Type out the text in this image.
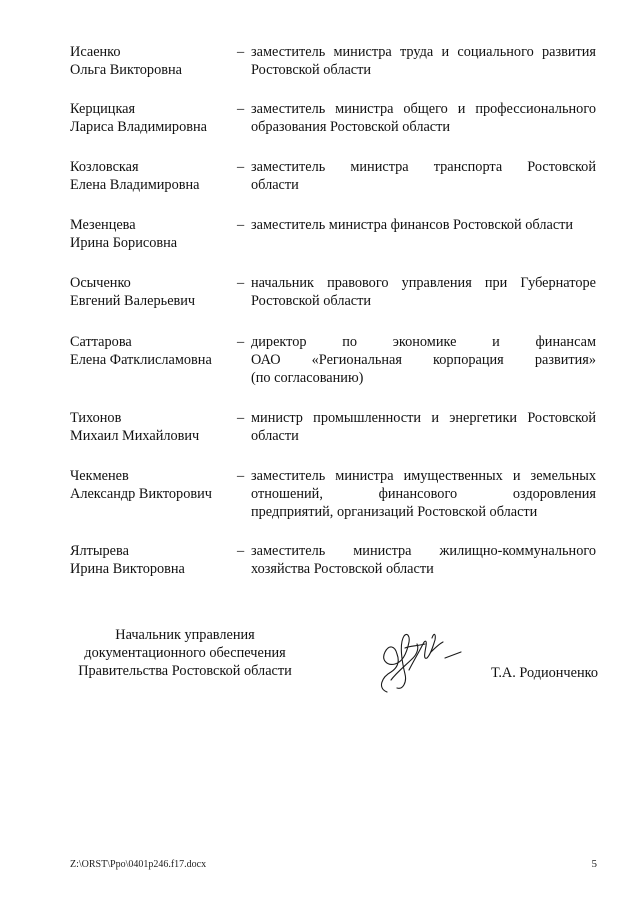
Исаенко
Ольга Викторовна
– заместитель министра труда и социального развития
Ростовской области
Керцицкая
Лариса Владимировна
– заместитель министра общего и профессионального
образования Ростовской области
Козловская
Елена Владимировна
– заместитель министра транспорта Ростовской
области
Мезенцева
Ирина Борисовна
– заместитель министра финансов Ростовской области
Осыченко
Евгений Валерьевич
– начальник правового управления при Губернаторе
Ростовской области
Саттарова
Елена Фатклисламовна
– директор по экономике и финансам
ОАО «Региональная корпорация развития»
(по согласованию)
Тихонов
Михаил Михайлович
– министр промышленности и энергетики Ростовской
области
Чекменев
Александр Викторович
– заместитель министра имущественных и земельных
отношений, финансового оздоровления
предприятий, организаций Ростовской области
Ялтырева
Ирина Викторовна
– заместитель министра жилищно-коммунального
хозяйства Ростовской области
Начальник управления
документационного обеспечения
Правительства Ростовской области	Т.А. Родионченко
Z:\ORST\Ppo\0401p246.f17.docx	5
